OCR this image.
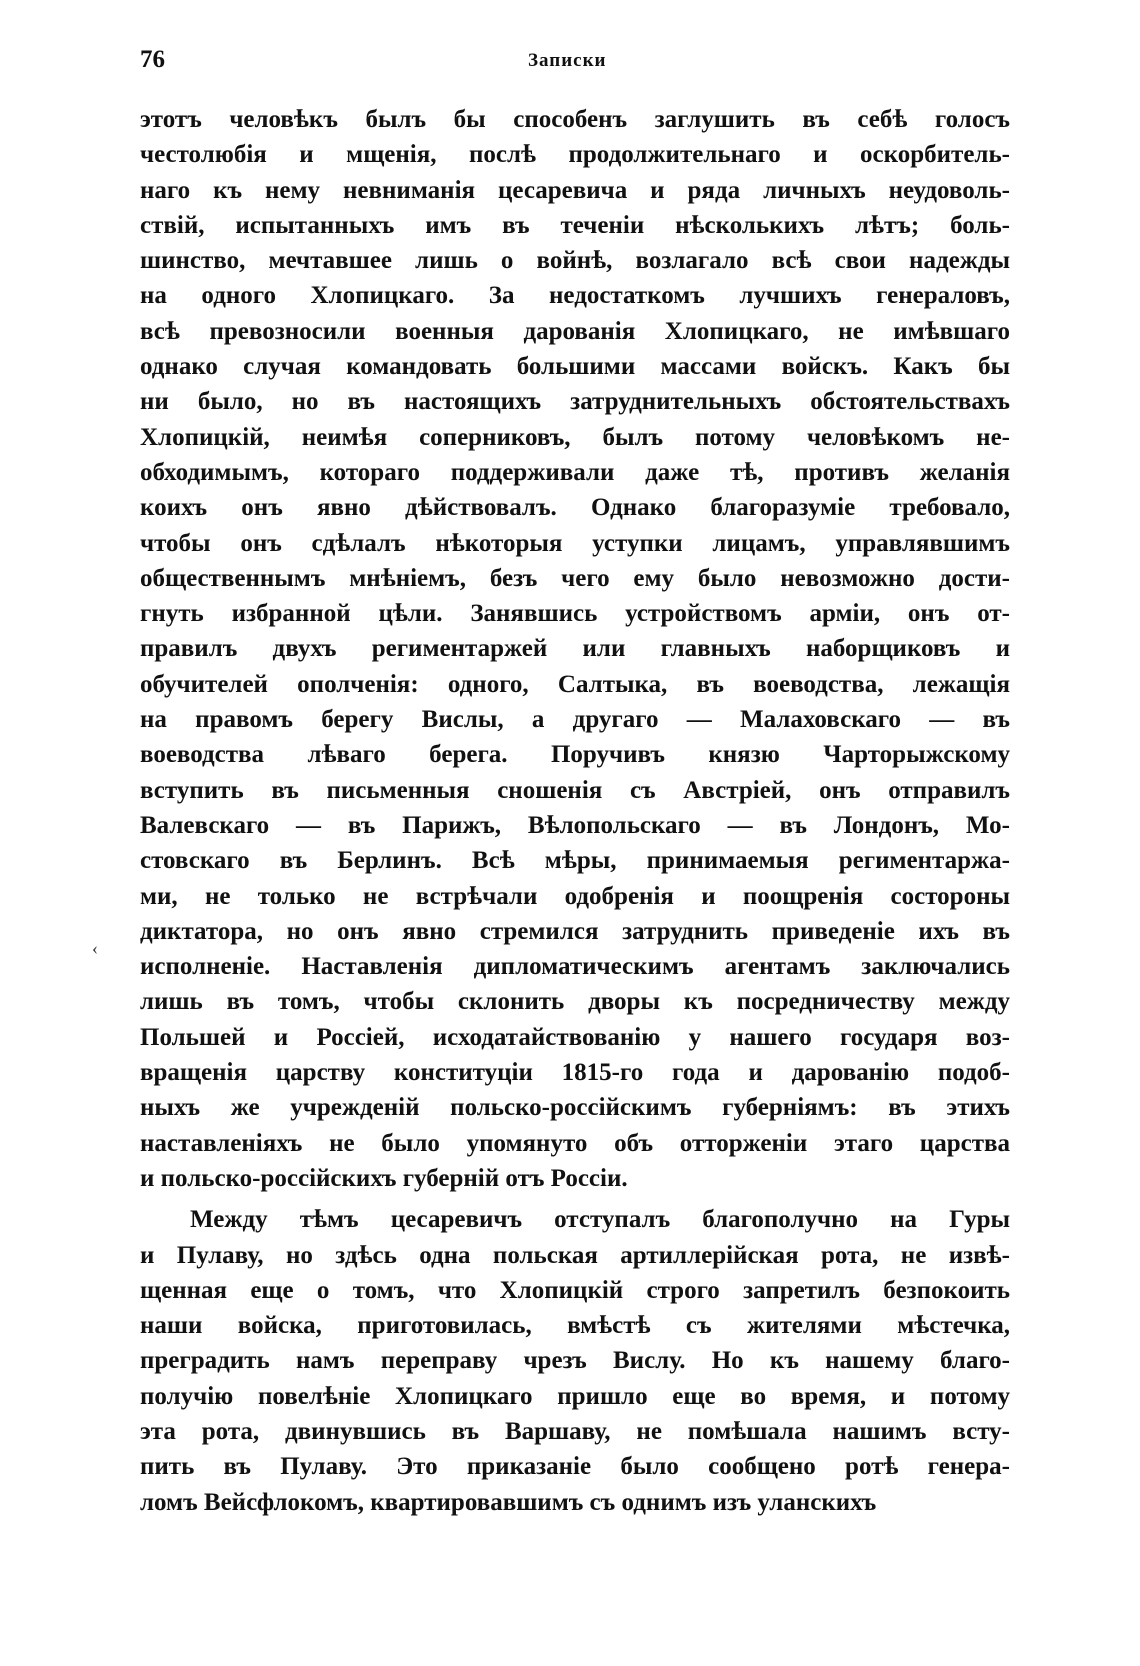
76	Записки
‹
этотъ человѣкъ былъ бы способенъ заглушить въ себѣ голосъ
честолюбія и мщенія, послѣ продолжительнаго и оскорбитель-
наго къ нему невниманія цесаревича и ряда личныхъ неудоволь-
ствій, испытанныхъ имъ въ теченіи нѣсколькихъ лѣтъ; боль-
шинство, мечтавшее лишь о войнѣ, возлагало всѣ свои надежды
на одного Хлопицкаго. За недостаткомъ лучшихъ генераловъ,
всѣ превозносили военныя дарованія Хлопицкаго, не имѣвшаго
однако случая командовать большими массами войскъ. Какъ бы
ни было, но въ настоящихъ затруднительныхъ обстоятельствахъ
Хлопицкій, неимѣя соперниковъ, былъ потому человѣкомъ не-
обходимымъ, котораго поддерживали даже тѣ, противъ желанія
коихъ онъ явно дѣйствовалъ. Однако благоразуміе требовало,
чтобы онъ сдѣлалъ нѣкоторыя уступки лицамъ, управлявшимъ
общественнымъ мнѣніемъ, безъ чего ему было невозможно дости-
гнуть избранной цѣли. Занявшись устройствомъ арміи, онъ от-
правилъ двухъ региментаржей или главныхъ наборщиковъ и
обучителей ополченія: одного, Салтыка, въ воеводства, лежащія
на правомъ берегу Вислы, а другаго — Малаховскаго — въ
воеводства лѣваго берега. Поручивъ князю Чарторыжскому
вступить въ письменныя сношенія съ Австріей, онъ отправилъ
Валевскаго — въ Парижъ, Вѣлопольскаго — въ Лондонъ, Мо-
стовскаго въ Берлинъ. Всѣ мѣры, принимаемыя региментаржа-
ми, не только не встрѣчали одобренія и поощренія состороны
диктатора, но онъ явно стремился затруднить приведеніе ихъ въ
исполненіе. Наставленія дипломатическимъ агентамъ заключались
лишь въ томъ, чтобы склонить дворы къ посредничеству между
Польшей и Россіей, исходатайствованію у нашего государя воз-
вращенія царству конституціи 1815-го года и дарованію подоб-
ныхъ же учрежденій польско-россійскимъ губерніямъ: въ этихъ
наставленіяхъ не было упомянуто объ отторженіи этаго царства
и польско-россійскихъ губерній отъ Россіи.
Между тѣмъ цесаревичъ отступалъ благополучно на Гуры
и Пулаву, но здѣсь одна польская артиллерійская рота, не извѣ-
щенная еще о томъ, что Хлопицкій строго запретилъ безпокоить
наши войска, приготовилась, вмѣстѣ съ жителями мѣстечка,
преградить намъ переправу чрезъ Вислу. Но къ нашему благо-
получію повелѣніе Хлопицкаго пришло еще во время, и потому
эта рота, двинувшись въ Варшаву, не помѣшала нашимъ всту-
пить въ Пулаву. Это приказаніе было сообщено ротѣ генера-
ломъ Вейсфлокомъ, квартировавшимъ съ однимъ изъ уланскихъ
